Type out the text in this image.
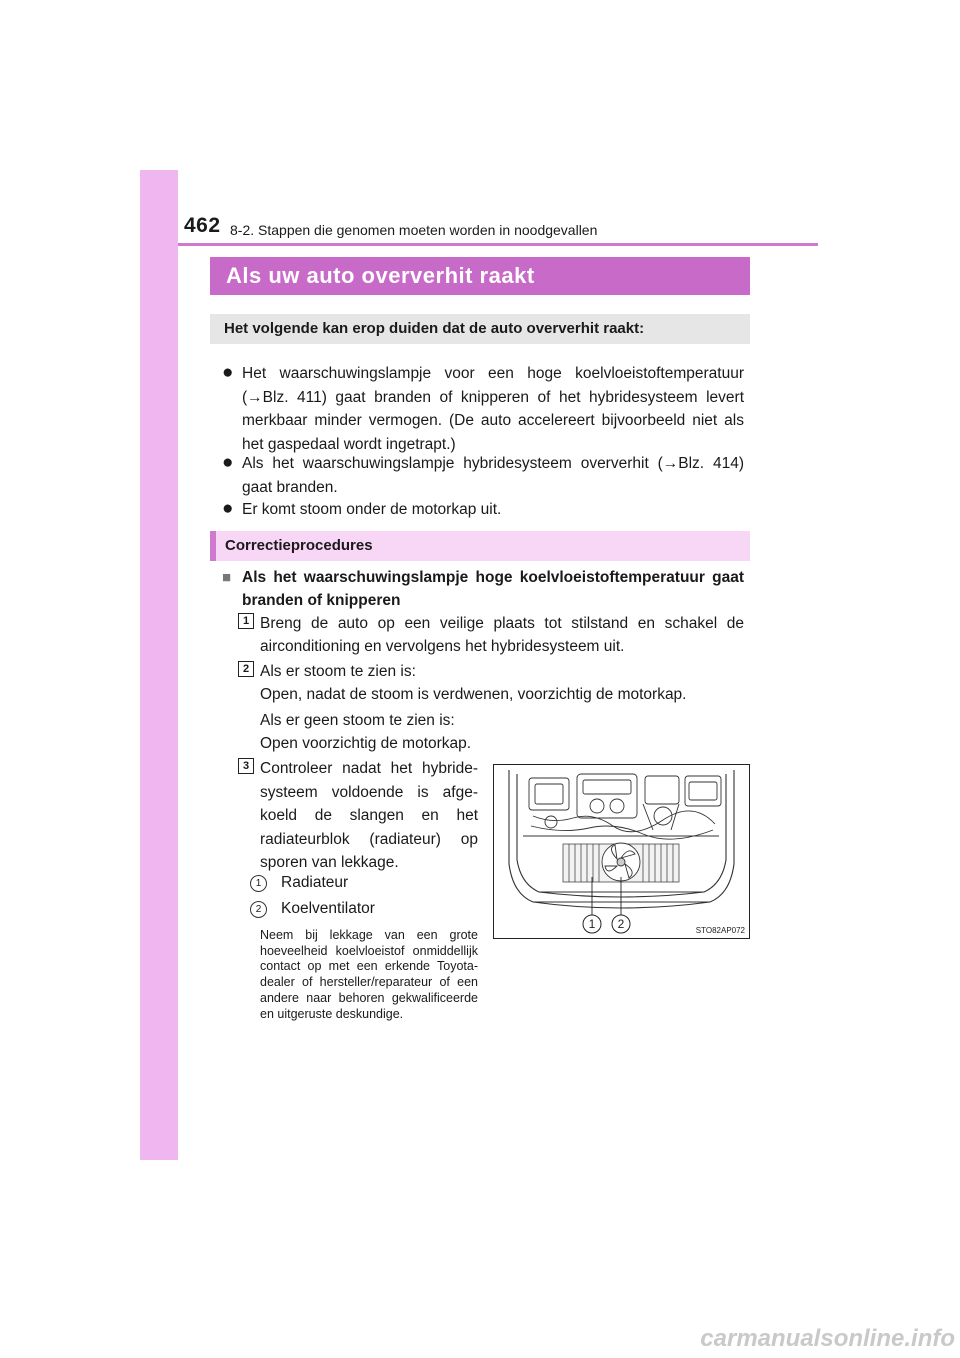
462 8-2. Stappen die genomen moeten worden in noodgevallen
Als uw auto oververhit raakt
Het volgende kan erop duiden dat de auto oververhit raakt:
● Het waarschuwingslampje voor een hoge koelvloeistoftemperatuur (→Blz. 411) gaat branden of knipperen of het hybridesysteem levert merkbaar minder vermogen. (De auto accelereert bijvoorbeeld niet als het gaspedaal wordt ingetrapt.)
● Als het waarschuwingslampje hybridesysteem oververhit (→Blz. 414) gaat branden.
● Er komt stoom onder de motorkap uit.
Correctieprocedures
■ Als het waarschuwingslampje hoge koelvloeistoftemperatuur gaat branden of knipperen
1 Breng de auto op een veilige plaats tot stilstand en schakel de airconditioning en vervolgens het hybridesysteem uit.
2 Als er stoom te zien is:
Open, nadat de stoom is verdwenen, voorzichtig de motorkap.
Als er geen stoom te zien is:
Open voorzichtig de motorkap.
3 Controleer nadat het hybridesysteem voldoende is afgekoeld de slangen en het radiateurblok (radiateur) op sporen van lekkage.
1	Radiateur
2	Koelventilator
Neem bij lekkage van een grote hoeveelheid koelvloeistof onmiddellijk contact op met een erkende Toyota-dealer of hersteller/reparateur of een andere naar behoren gekwalificeerde en uitgeruste deskundige.
1 2	STO82AP072
carmanualsonline.info
